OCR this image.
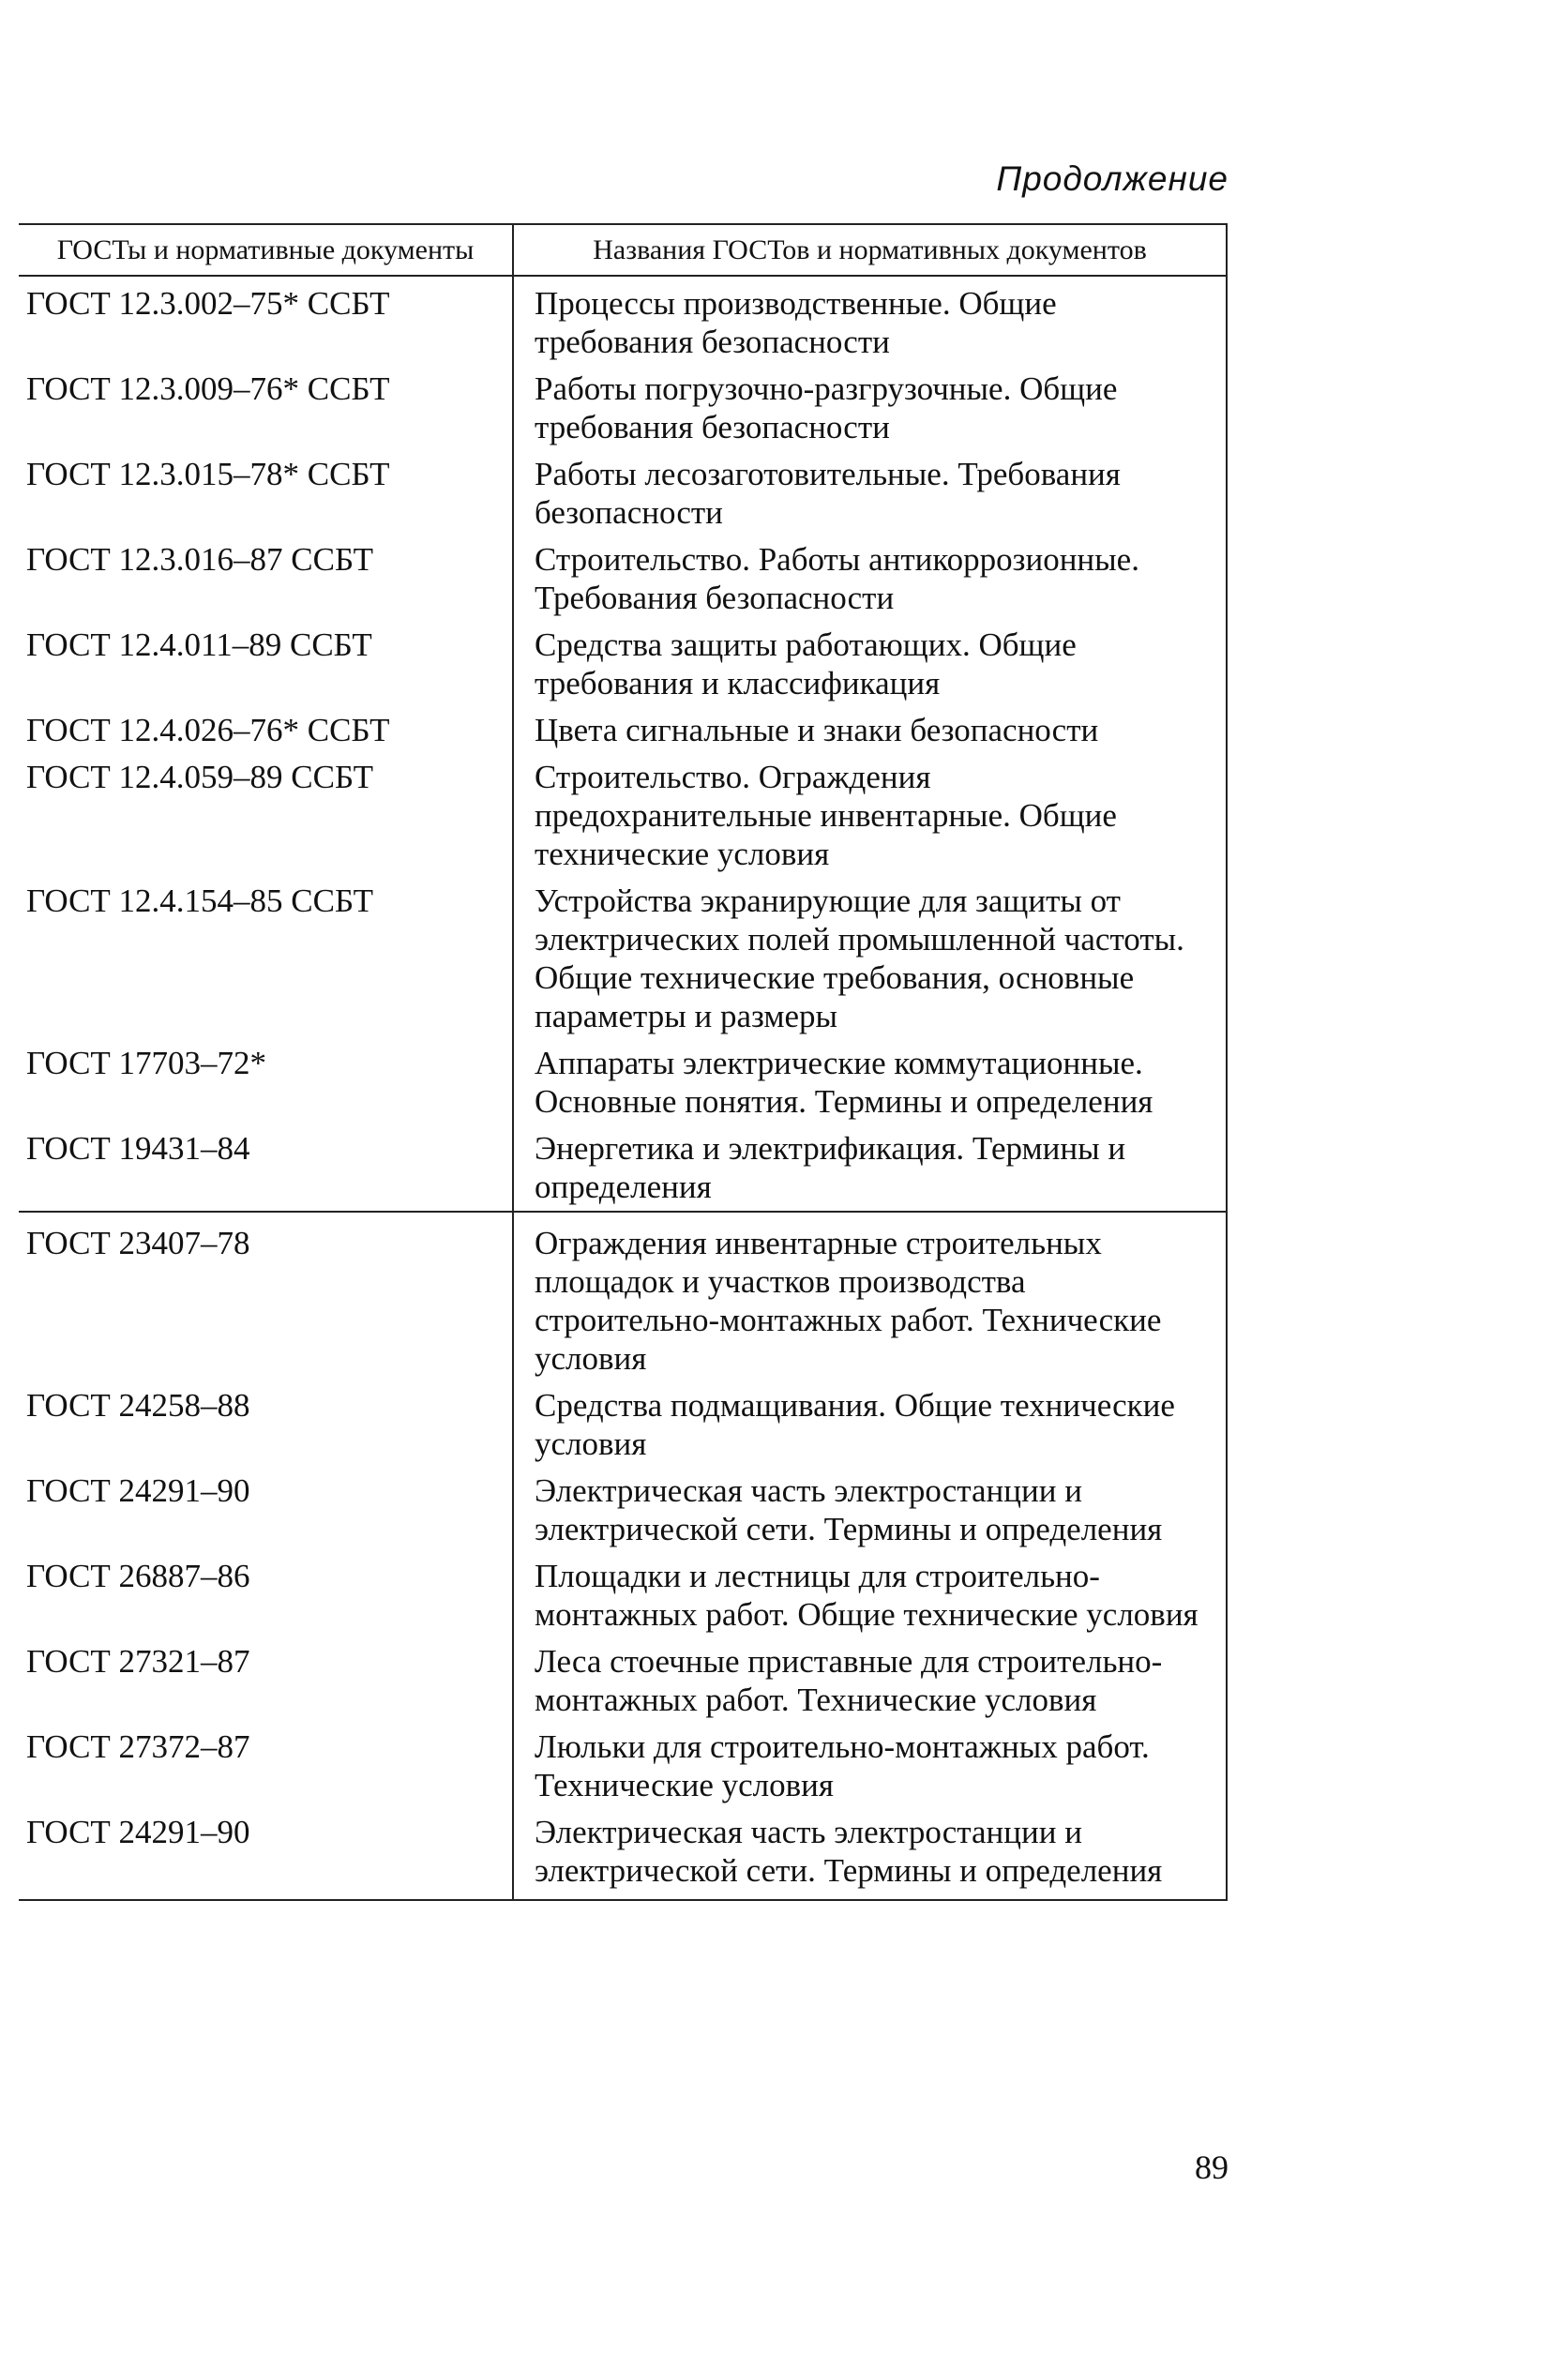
Продолжение
ГОСТы и нормативные документы	Названия ГОСТов и нормативных документов
ГОСТ 12.3.002–75* ССБТ	Процессы производственные. Общие требования безопасности
ГОСТ 12.3.009–76* ССБТ	Работы погрузочно-разгрузочные. Общие требования безопасности
ГОСТ 12.3.015–78* ССБТ	Работы лесозаготовительные. Требования безопасности
ГОСТ 12.3.016–87 ССБТ	Строительство. Работы антикоррозионные. Требования безопасности
ГОСТ 12.4.011–89 ССБТ	Средства защиты работающих. Общие требования и классификация
ГОСТ 12.4.026–76* ССБТ	Цвета сигнальные и знаки безопасности
ГОСТ 12.4.059–89 ССБТ	Строительство. Ограждения предохранительные инвентарные. Общие технические условия
ГОСТ 12.4.154–85 ССБТ	Устройства экранирующие для защиты от электрических полей промышленной частоты. Общие технические требования, основные параметры и размеры
ГОСТ 17703–72*	Аппараты электрические коммутационные. Основные понятия. Термины и определения
ГОСТ 19431–84	Энергетика и электрификация. Термины и определения
ГОСТ 23407–78	Ограждения инвентарные строительных площадок и участков производства строительно-монтажных работ. Технические условия
ГОСТ 24258–88	Средства подмащивания. Общие технические условия
ГОСТ 24291–90	Электрическая часть электростанции и электрической сети. Термины и определения
ГОСТ 26887–86	Площадки и лестницы для строительно-монтажных работ. Общие технические условия
ГОСТ 27321–87	Леса стоечные приставные для строительно-монтажных работ. Технические условия
ГОСТ 27372–87	Люльки для строительно-монтажных работ. Технические условия
ГОСТ 24291–90	Электрическая часть электростанции и электрической сети. Термины и определения
89
